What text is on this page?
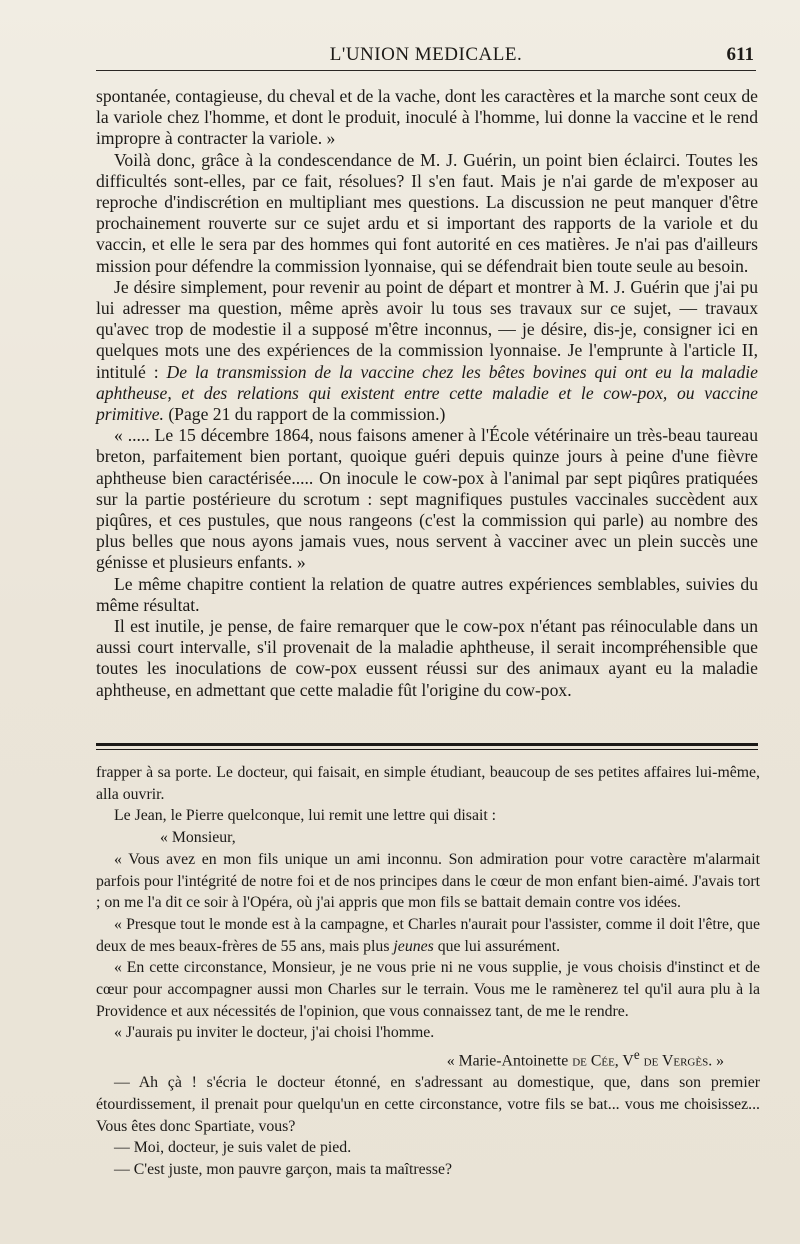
L'UNION MEDICALE.	611

spontanée, contagieuse, du cheval et de la vache, dont les caractères et la marche sont ceux de la variole chez l'homme, et dont le produit, inoculé à l'homme, lui donne la vaccine et le rend impropre à contracter la variole. »

Voilà donc, grâce à la condescendance de M. J. Guérin, un point bien éclairci. Toutes les difficultés sont-elles, par ce fait, résolues? Il s'en faut. Mais je n'ai garde de m'exposer au reproche d'indiscrétion en multipliant mes questions. La discussion ne peut manquer d'être prochainement rouverte sur ce sujet ardu et si important des rapports de la variole et du vaccin, et elle le sera par des hommes qui font autorité en ces matières. Je n'ai pas d'ailleurs mission pour défendre la commission lyonnaise, qui se défendrait bien toute seule au besoin.

Je désire simplement, pour revenir au point de départ et montrer à M. J. Guérin que j'ai pu lui adresser ma question, même après avoir lu tous ses travaux sur ce sujet, — travaux qu'avec trop de modestie il a supposé m'être inconnus, — je désire, dis-je, consigner ici en quelques mots une des expériences de la commission lyonnaise. Je l'emprunte à l'article II, intitulé : De la transmission de la vaccine chez les bêtes bovines qui ont eu la maladie aphtheuse, et des relations qui existent entre cette maladie et le cow-pox, ou vaccine primitive. (Page 21 du rapport de la commission.)

« ..... Le 15 décembre 1864, nous faisons amener à l'École vétérinaire un très-beau taureau breton, parfaitement bien portant, quoique guéri depuis quinze jours à peine d'une fièvre aphtheuse bien caractérisée..... On inocule le cow-pox à l'animal par sept piqûres pratiquées sur la partie postérieure du scrotum : sept magnifiques pustules vaccinales succèdent aux piqûres, et ces pustules, que nous rangeons (c'est la commission qui parle) au nombre des plus belles que nous ayons jamais vues, nous servent à vacciner avec un plein succès une génisse et plusieurs enfants. »

Le même chapitre contient la relation de quatre autres expériences semblables, suivies du même résultat.

Il est inutile, je pense, de faire remarquer que le cow-pox n'étant pas réinoculable dans un aussi court intervalle, s'il provenait de la maladie aphtheuse, il serait incompréhensible que toutes les inoculations de cow-pox eussent réussi sur des animaux ayant eu la maladie aphtheuse, en admettant que cette maladie fût l'origine du cow-pox.

frapper à sa porte. Le docteur, qui faisait, en simple étudiant, beaucoup de ses petites affaires lui-même, alla ouvrir.

Le Jean, le Pierre quelconque, lui remit une lettre qui disait :

« Monsieur,

« Vous avez en mon fils unique un ami inconnu. Son admiration pour votre caractère m'alarmait parfois pour l'intégrité de notre foi et de nos principes dans le cœur de mon enfant bien-aimé. J'avais tort ; on me l'a dit ce soir à l'Opéra, où j'ai appris que mon fils se battait demain contre vos idées.

« Presque tout le monde est à la campagne, et Charles n'aurait pour l'assister, comme il doit l'être, que deux de mes beaux-frères de 55 ans, mais plus jeunes que lui assurément.

« En cette circonstance, Monsieur, je ne vous prie ni ne vous supplie, je vous choisis d'instinct et de cœur pour accompagner aussi mon Charles sur le terrain. Vous me le ramènerez tel qu'il aura plu à la Providence et aux nécessités de l'opinion, que vous connaissez tant, de me le rendre.

« J'aurais pu inviter le docteur, j'ai choisi l'homme.

« Marie-Antoinette de Cée, Ve de Vergès. »

— Ah çà ! s'écria le docteur étonné, en s'adressant au domestique, que, dans son premier étourdissement, il prenait pour quelqu'un en cette circonstance, votre fils se bat... vous me choisissez... Vous êtes donc Spartiate, vous?

— Moi, docteur, je suis valet de pied.

— C'est juste, mon pauvre garçon, mais ta maîtresse?
